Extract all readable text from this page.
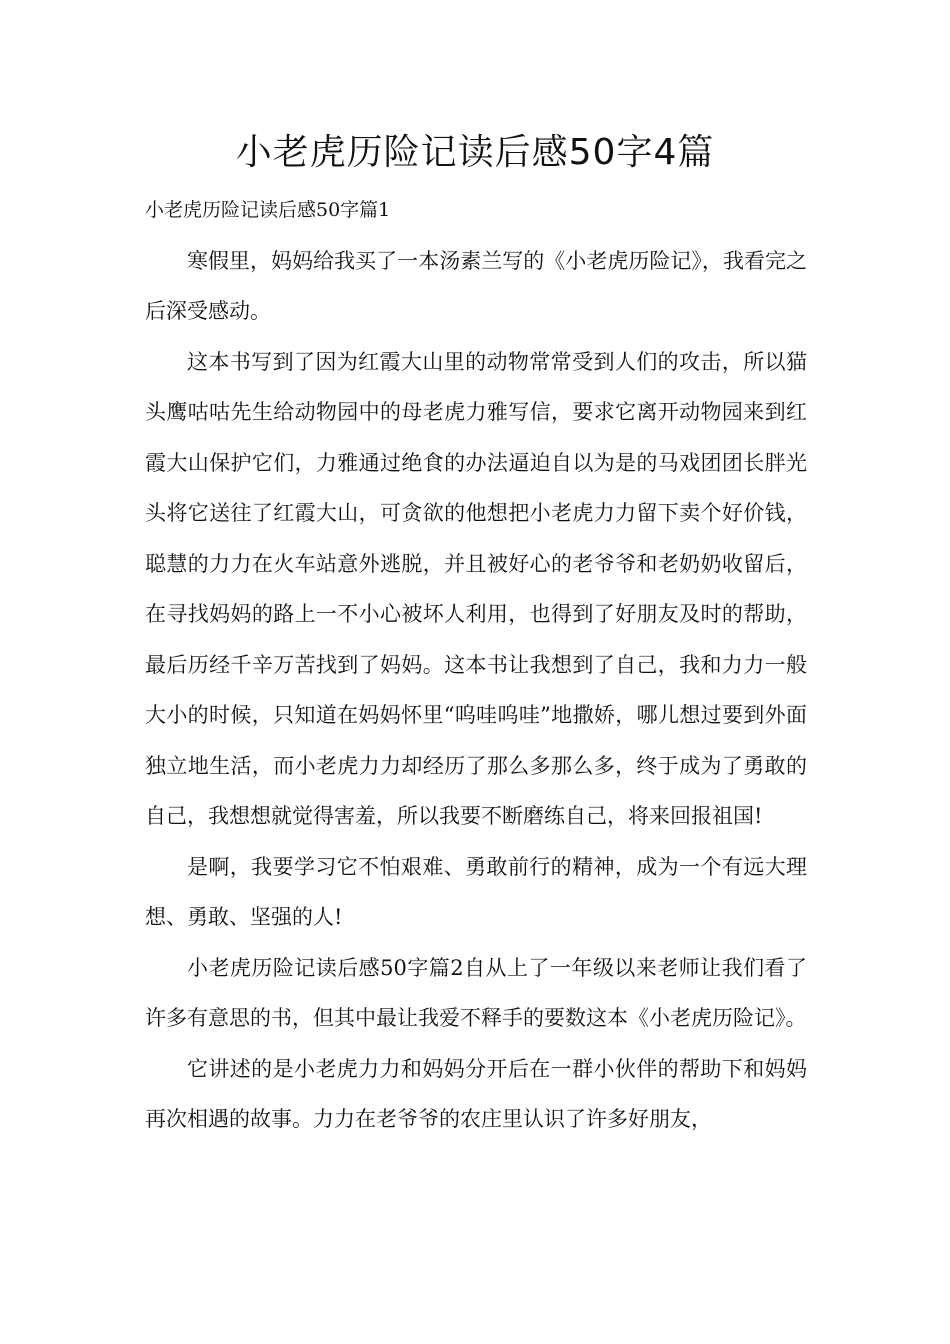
小老虎历险记读后感50字4篇

小老虎历险记读后感50字篇1

寒假里，妈妈给我买了一本汤素兰写的《小老虎历险记》，我看完之后深受感动。

这本书写到了因为红霞大山里的动物常常受到人们的攻击，所以猫头鹰咕咕先生给动物园中的母老虎力雅写信，要求它离开动物园来到红霞大山保护它们，力雅通过绝食的办法逼迫自以为是的马戏团团长胖光头将它送往了红霞大山，可贪欲的他想把小老虎力力留下卖个好价钱，聪慧的力力在火车站意外逃脱，并且被好心的老爷爷和老奶奶收留后，在寻找妈妈的路上一不小心被坏人利用，也得到了好朋友及时的帮助，最后历经千辛万苦找到了妈妈。这本书让我想到了自己，我和力力一般大小的时候，只知道在妈妈怀里“呜哇呜哇”地撒娇，哪儿想过要到外面独立地生活，而小老虎力力却经历了那么多那么多，终于成为了勇敢的自己，我想想就觉得害羞，所以我要不断磨练自己，将来回报祖国!

是啊，我要学习它不怕艰难、勇敢前行的精神，成为一个有远大理想、勇敢、坚强的人!

小老虎历险记读后感50字篇2自从上了一年级以来老师让我们看了许多有意思的书，但其中最让我爱不释手的要数这本《小老虎历险记》。

它讲述的是小老虎力力和妈妈分开后在一群小伙伴的帮助下和妈妈再次相遇的故事。力力在老爷爷的农庄里认识了许多好朋友，
